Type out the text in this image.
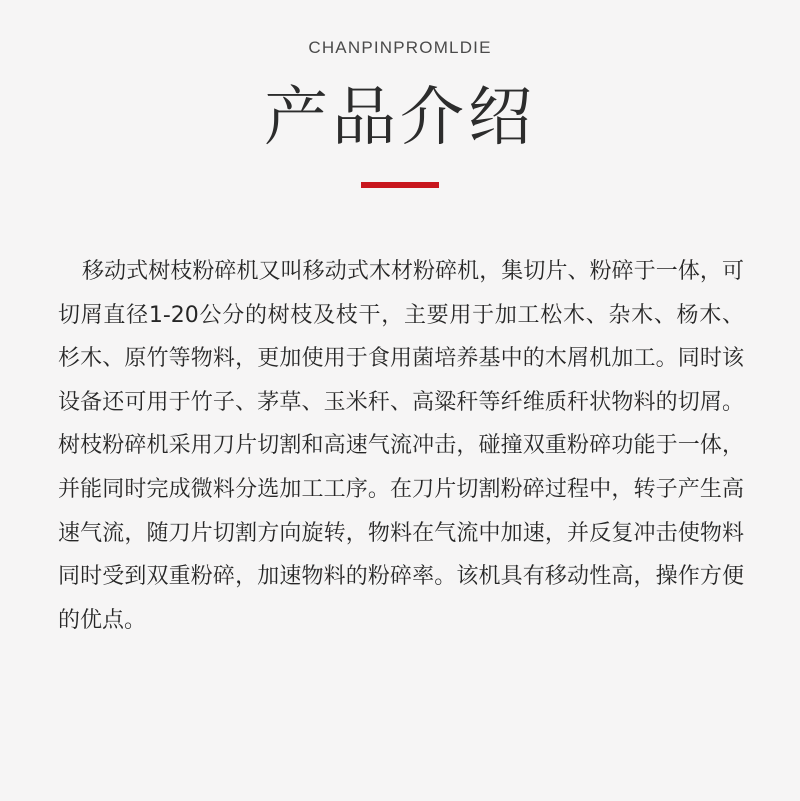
CHANPINPROMLDIE
产品介绍

移动式树枝粉碎机又叫移动式木材粉碎机，集切片、粉碎于一体，可切屑直径1-20公分的树枝及枝干，主要用于加工松木、杂木、杨木、杉木、原竹等物料，更加使用于食用菌培养基中的木屑机加工。同时该设备还可用于竹子、茅草、玉米秆、高粱秆等纤维质秆状物料的切屑。树枝粉碎机采用刀片切割和高速气流冲击，碰撞双重粉碎功能于一体，并能同时完成微料分选加工工序。在刀片切割粉碎过程中，转子产生高速气流，随刀片切割方向旋转，物料在气流中加速，并反复冲击使物料同时受到双重粉碎，加速物料的粉碎率。该机具有移动性高，操作方便的优点。
